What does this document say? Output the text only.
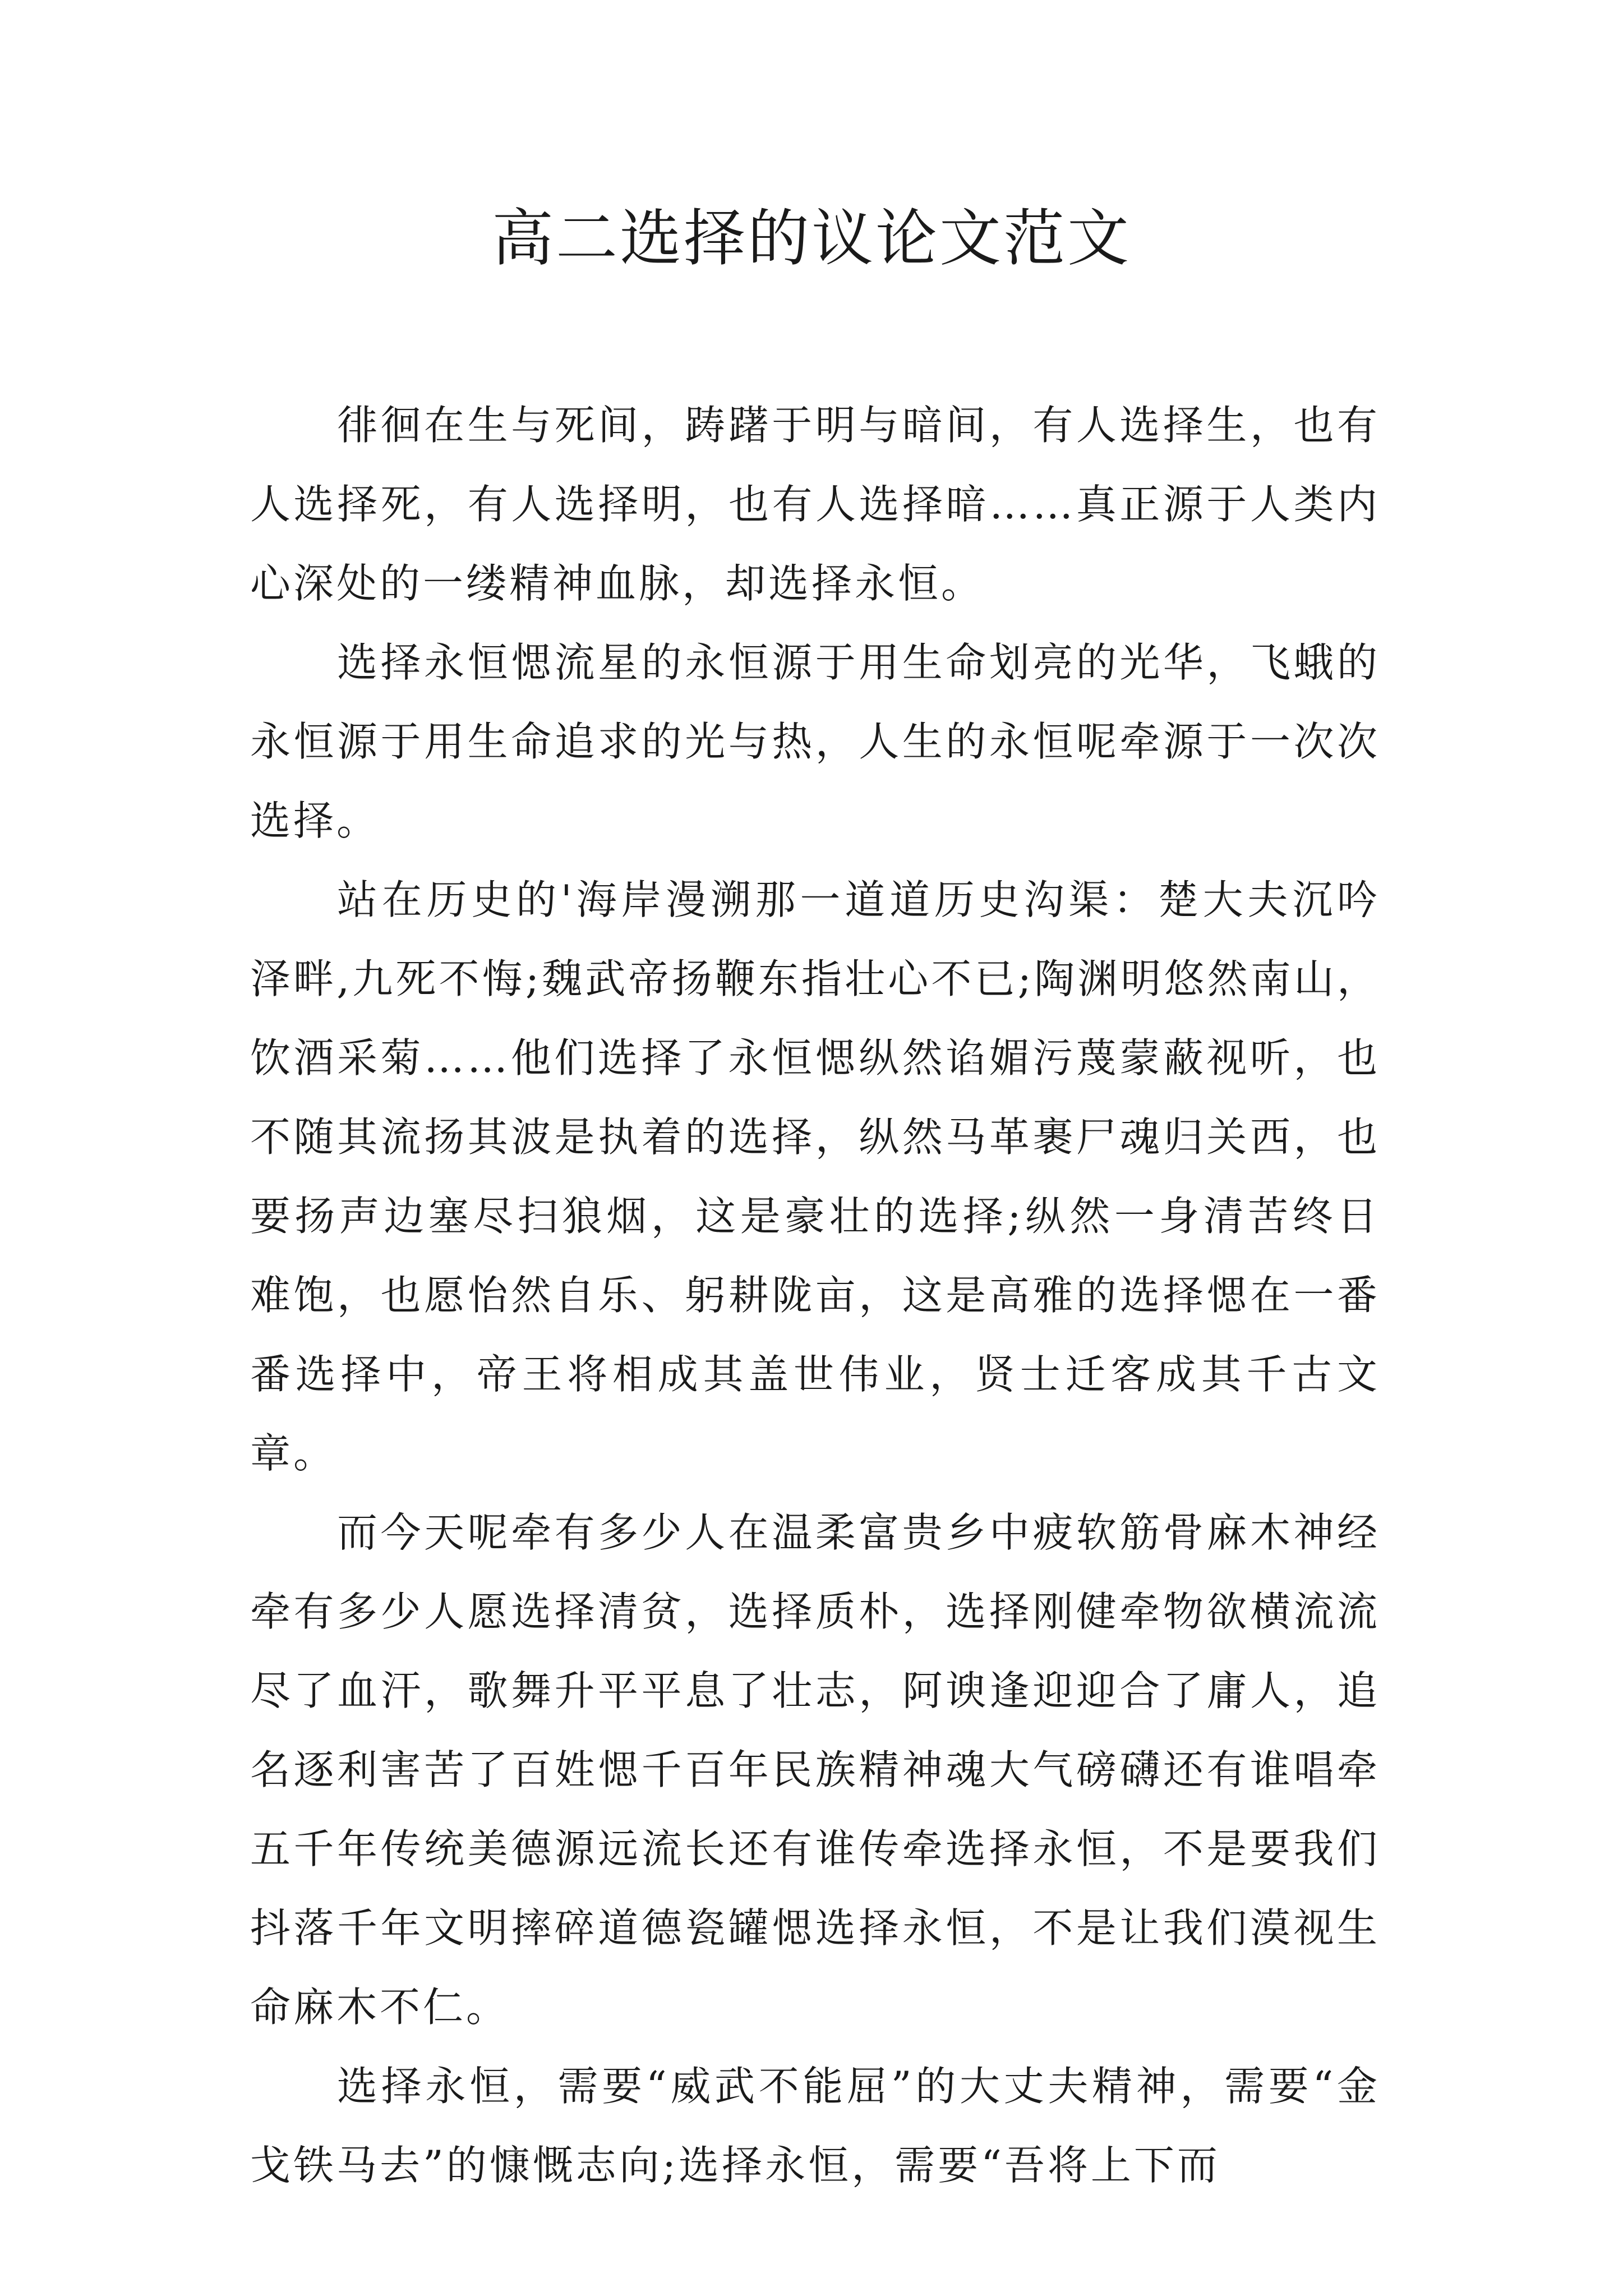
高二选择的议论文范文

徘徊在生与死间，踌躇于明与暗间，有人选择生，也有人选择死，有人选择明，也有人选择暗……真正源于人类内心深处的一缕精神血脉，却选择永恒。

选择永恒愢流星的永恒源于用生命划亮的光华，飞蛾的永恒源于用生命追求的光与热，人生的永恒呢牵源于一次次选择。

站在历史的'海岸漫溯那一道道历史沟渠：楚大夫沉吟泽畔,九死不悔;魏武帝扬鞭东指壮心不已;陶渊明悠然南山，饮酒采菊……他们选择了永恒愢纵然谄媚污蔑蒙蔽视听，也不随其流扬其波是执着的选择，纵然马革裹尸魂归关西，也要扬声边塞尽扫狼烟，这是豪壮的选择;纵然一身清苦终日难饱，也愿怡然自乐、躬耕陇亩，这是高雅的选择愢在一番番选择中，帝王将相成其盖世伟业，贤士迁客成其千古文章。

而今天呢牵有多少人在温柔富贵乡中疲软筋骨麻木神经牵有多少人愿选择清贫，选择质朴，选择刚健牵物欲横流流尽了血汗，歌舞升平平息了壮志，阿谀逢迎迎合了庸人，追名逐利害苦了百姓愢千百年民族精神魂大气磅礴还有谁唱牵五千年传统美德源远流长还有谁传牵选择永恒，不是要我们抖落千年文明摔碎道德瓷罐愢选择永恒，不是让我们漠视生命麻木不仁。

选择永恒，需要“威武不能屈”的大丈夫精神，需要“金戈铁马去”的慷慨志向;选择永恒，需要“吾将上下而
